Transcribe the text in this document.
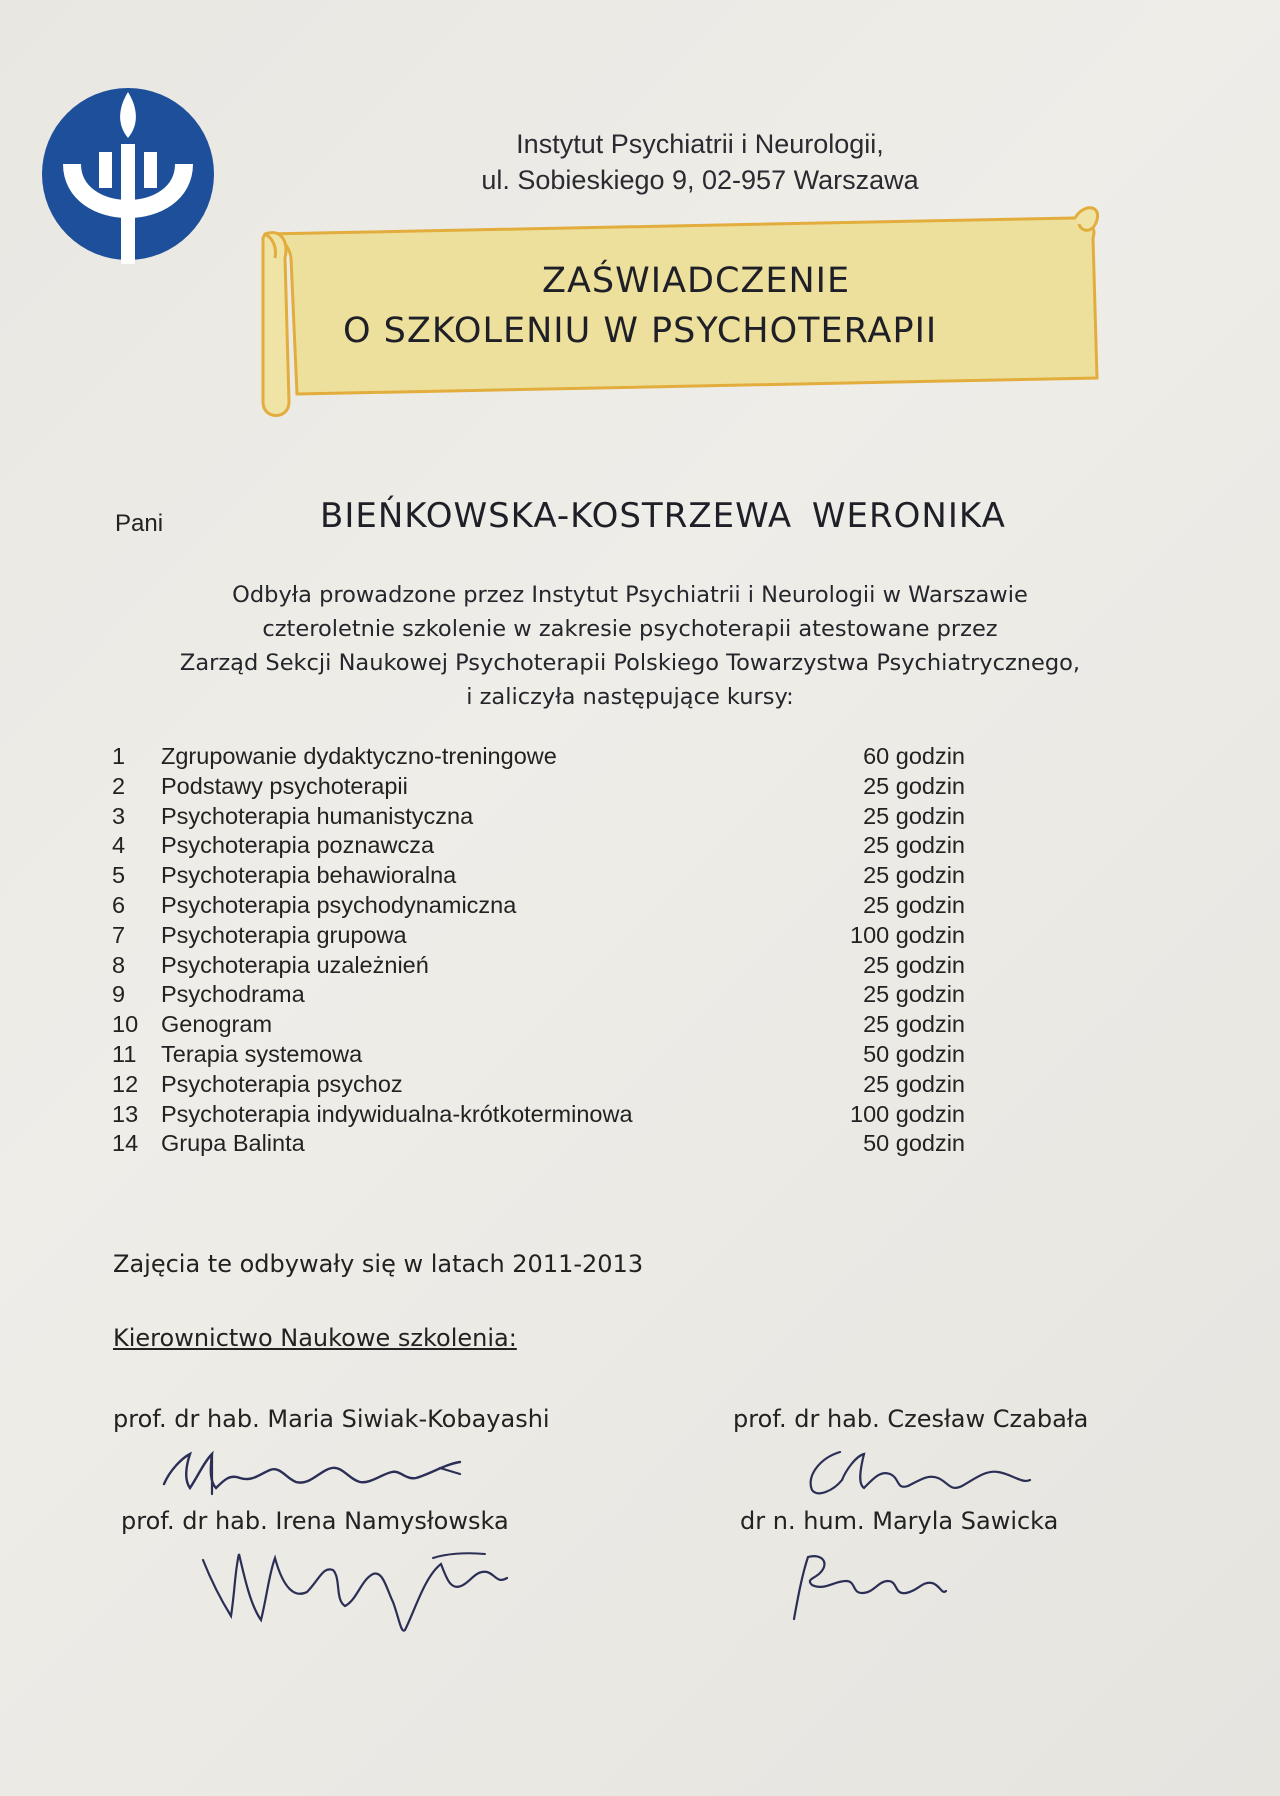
Instytut Psychiatrii i Neurologii,
ul. Sobieskiego 9, 02-957 Warszawa
ZAŚWIADCZENIE
O SZKOLENIU W PSYCHOTERAPII
Pani	BIEŃKOWSKA-KOSTRZEWA WERONIKA
Odbyła prowadzone przez Instytut Psychiatrii i Neurologii w Warszawie
czteroletnie szkolenie w zakresie psychoterapii atestowane przez
Zarząd Sekcji Naukowej Psychoterapii Polskiego Towarzystwa Psychiatrycznego,
i zaliczyła następujące kursy:
1	Zgrupowanie dydaktyczno-treningowe	60 godzin
2	Podstawy psychoterapii	25 godzin
3	Psychoterapia humanistyczna	25 godzin
4	Psychoterapia poznawcza	25 godzin
5	Psychoterapia behawioralna	25 godzin
6	Psychoterapia psychodynamiczna	25 godzin
7	Psychoterapia grupowa	100 godzin
8	Psychoterapia uzależnień	25 godzin
9	Psychodrama	25 godzin
10 Genogram	25 godzin
11	Terapia systemowa	50 godzin
12 Psychoterapia psychoz	25 godzin
13 Psychoterapia indywidualna-krótkoterminowa	100 godzin
14 Grupa Balinta	50 godzin
Zajęcia te odbywały się w latach 2011-2013
Kierownictwo Naukowe szkolenia:
prof. dr hab. Maria Siwiak-Kobayashi	prof. dr hab. Czesław Czabała
prof. dr hab. Irena Namysłowska	dr n. hum. Maryla Sawicka
